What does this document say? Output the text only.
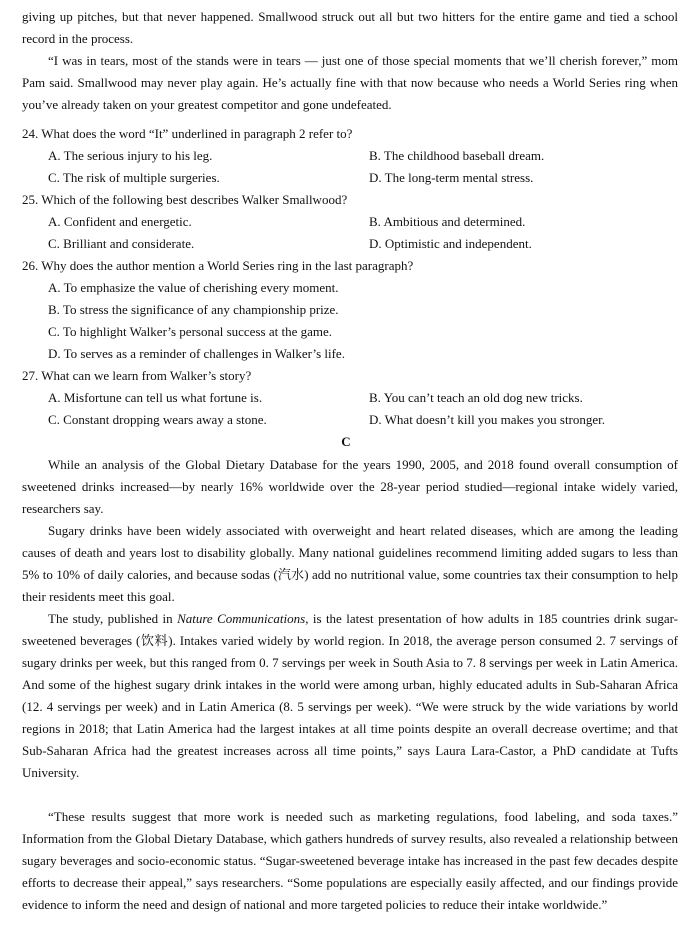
giving up pitches, but that never happened. Smallwood struck out all but two hitters for the entire game and tied a school record in the process.

“I was in tears, most of the stands were in tears — just one of those special moments that we’ll cherish forever,” mom Pam said. Smallwood may never play again. He’s actually fine with that now because who needs a World Series ring when you’ve already taken on your greatest competitor and gone undefeated.

24. What does the word “It” underlined in paragraph 2 refer to?

A. The serious injury to his leg.	B. The childhood baseball dream.
C. The risk of multiple surgeries.	D. The long-term mental stress.

25. Which of the following best describes Walker Smallwood?

A. Confident and energetic.	B. Ambitious and determined.
C. Brilliant and considerate.	D. Optimistic and independent.

26. Why does the author mention a World Series ring in the last paragraph?

A. To emphasize the value of cherishing every moment.
B. To stress the significance of any championship prize.
C. To highlight Walker’s personal success at the game.
D. To serves as a reminder of challenges in Walker’s life.

27. What can we learn from Walker’s story?

A. Misfortune can tell us what fortune is.	B. You can’t teach an old dog new tricks.
C. Constant dropping wears away a stone.	D. What doesn’t kill you makes you stronger.
C

While an analysis of the Global Dietary Database for the years 1990, 2005, and 2018 found overall consumption of sweetened drinks increased—by nearly 16% worldwide over the 28-year period studied—regional intake widely varied, researchers say.

Sugary drinks have been widely associated with overweight and heart related diseases, which are among the leading causes of death and years lost to disability globally. Many national guidelines recommend limiting added sugars to less than 5% to 10% of daily calories, and because sodas (汽水) add no nutritional value, some countries tax their consumption to help their residents meet this goal.

The study, published in Nature Communications, is the latest presentation of how adults in 185 countries drink sugar-sweetened beverages (饮料). Intakes varied widely by world region. In 2018, the average person consumed 2. 7 servings of sugary drinks per week, but this ranged from 0. 7 servings per week in South Asia to 7. 8 servings per week in Latin America. And some of the highest sugary drink intakes in the world were among urban, highly educated adults in Sub-Saharan Africa (12. 4 servings per week) and in Latin America (8. 5 servings per week). “We were struck by the wide variations by world regions in 2018; that Latin America had the largest intakes at all time points despite an overall decrease overtime; and that Sub-Saharan Africa had the greatest increases across all time points,” says Laura Lara-Castor, a PhD candidate at Tufts University.

“These results suggest that more work is needed such as marketing regulations, food labeling, and soda taxes.” Information from the Global Dietary Database, which gathers hundreds of survey results, also revealed a relationship between sugary beverages and socio-economic status. “Sugar-sweetened beverage intake has increased in the past few decades despite efforts to decrease their appeal,” says researchers. “Some populations are especially easily affected, and our findings provide evidence to inform the need and design of national and more targeted policies to reduce their intake worldwide.”
